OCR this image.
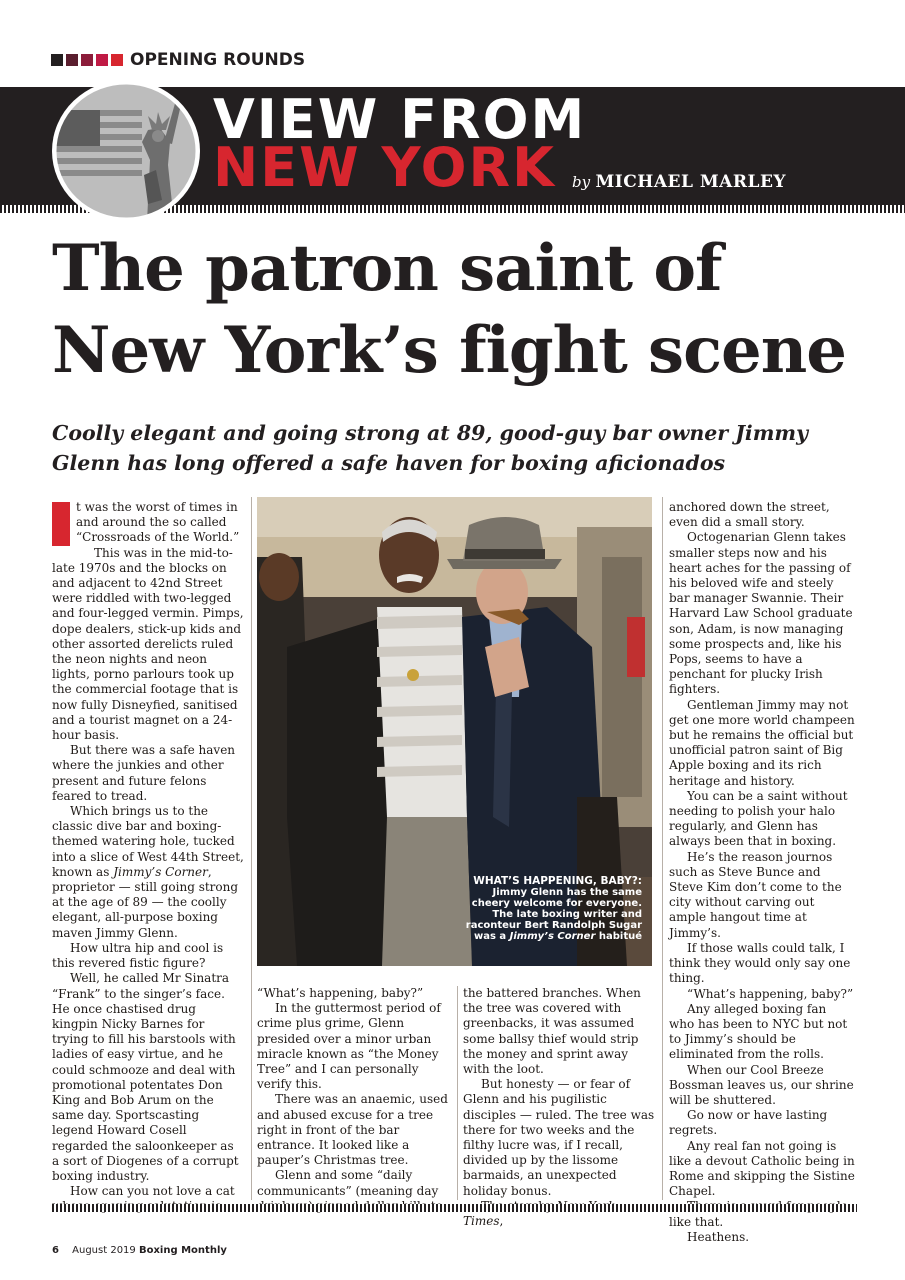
OPENING ROUNDS
VIEW FROM
NEW YORK by MICHAEL MARLEY
The patron saint of New York’s fight scene
Coolly elegant and going strong at 89, good-guy bar owner Jimmy Glenn has long offered a safe haven for boxing aficionados

t was the worst of times in and around the so called “Crossroads of the World.”

This was in the mid-to-late 1970s and the blocks on and adjacent to 42nd Street were riddled with two-legged and four-legged vermin. Pimps, dope dealers, stick-up kids and other assorted derelicts ruled the neon nights and neon lights, porno parlours took up the commercial footage that is now fully Disneyfied, sanitised and a tourist magnet on a 24-hour basis.

But there was a safe haven where the junkies and other present and future felons feared to tread.

Which brings us to the classic dive bar and boxing-themed watering hole, tucked into a slice of West 44th Street, known as Jimmy’s Corner, proprietor — still going strong at the age of 89 — the coolly elegant, all-purpose boxing maven Jimmy Glenn.

How ultra hip and cool is this revered fistic figure?

Well, he called Mr Sinatra “Frank” to the singer’s face. He once chastised drug kingpin Nicky Barnes for trying to fill his barstools with ladies of easy virtue, and he could schmooze and deal with promotional potentates Don King and Bob Arum on the same day. Sportscasting legend Howard Cosell regarded the saloonkeeper as a sort of Diogenes of a corrupt boxing industry.

How can you not love a cat

WHAT’S HAPPENING, BABY?: Jimmy Glenn has the same cheery welcome for everyone. The late boxing writer and raconteur Bert Randolph Sugar was a Jimmy’s Corner habitué

“What’s happening, baby?”

In the guttermost period of crime plus grime, Glenn presided over a minor urban miracle known as “the Money Tree” and I can personally verify this.

There was an anaemic, used and abused excuse for a tree right in front of the bar entrance. It looked like a pauper’s Christmas tree.

Glenn and some “daily communicants” (meaning day

the battered branches. When the tree was covered with greenbacks, it was assumed some ballsy thief would strip the money and sprint away with the loot.

But honesty — or fear of Glenn and his pugilistic disciples — ruled. The tree was there for two weeks and the filthy lucre was, if I recall, divided up by the lissome barmaids, an unexpected holiday bonus.

Times,

anchored down the street, even did a small story.

Octogenarian Glenn takes smaller steps now and his heart aches for the passing of his beloved wife and steely bar manager Swannie. Their Harvard Law School graduate son, Adam, is now managing some prospects and, like his Pops, seems to have a penchant for plucky Irish fighters.

Gentleman Jimmy may not get one more world champeen but he remains the official but unofficial patron saint of Big Apple boxing and its rich heritage and history.

You can be a saint without needing to polish your halo regularly, and Glenn has always been that in boxing.

He’s the reason journos such as Steve Bunce and Steve Kim don’t come to the city without carving out ample hangout time at Jimmy’s.

If those walls could talk, I think they would only say one thing.

“What’s happening, baby?”

Any alleged boxing fan who has been to NYC but not to Jimmy’s should be eliminated from the rolls.

When our Cool Breeze Bossman leaves us, our shrine will be shuttered.

Go now or have lasting regrets.

Any real fan not going is like a devout Catholic being in Rome and skipping the Sistine Chapel.

like that.

Heathens.

6 August 2019 Boxing Monthly
